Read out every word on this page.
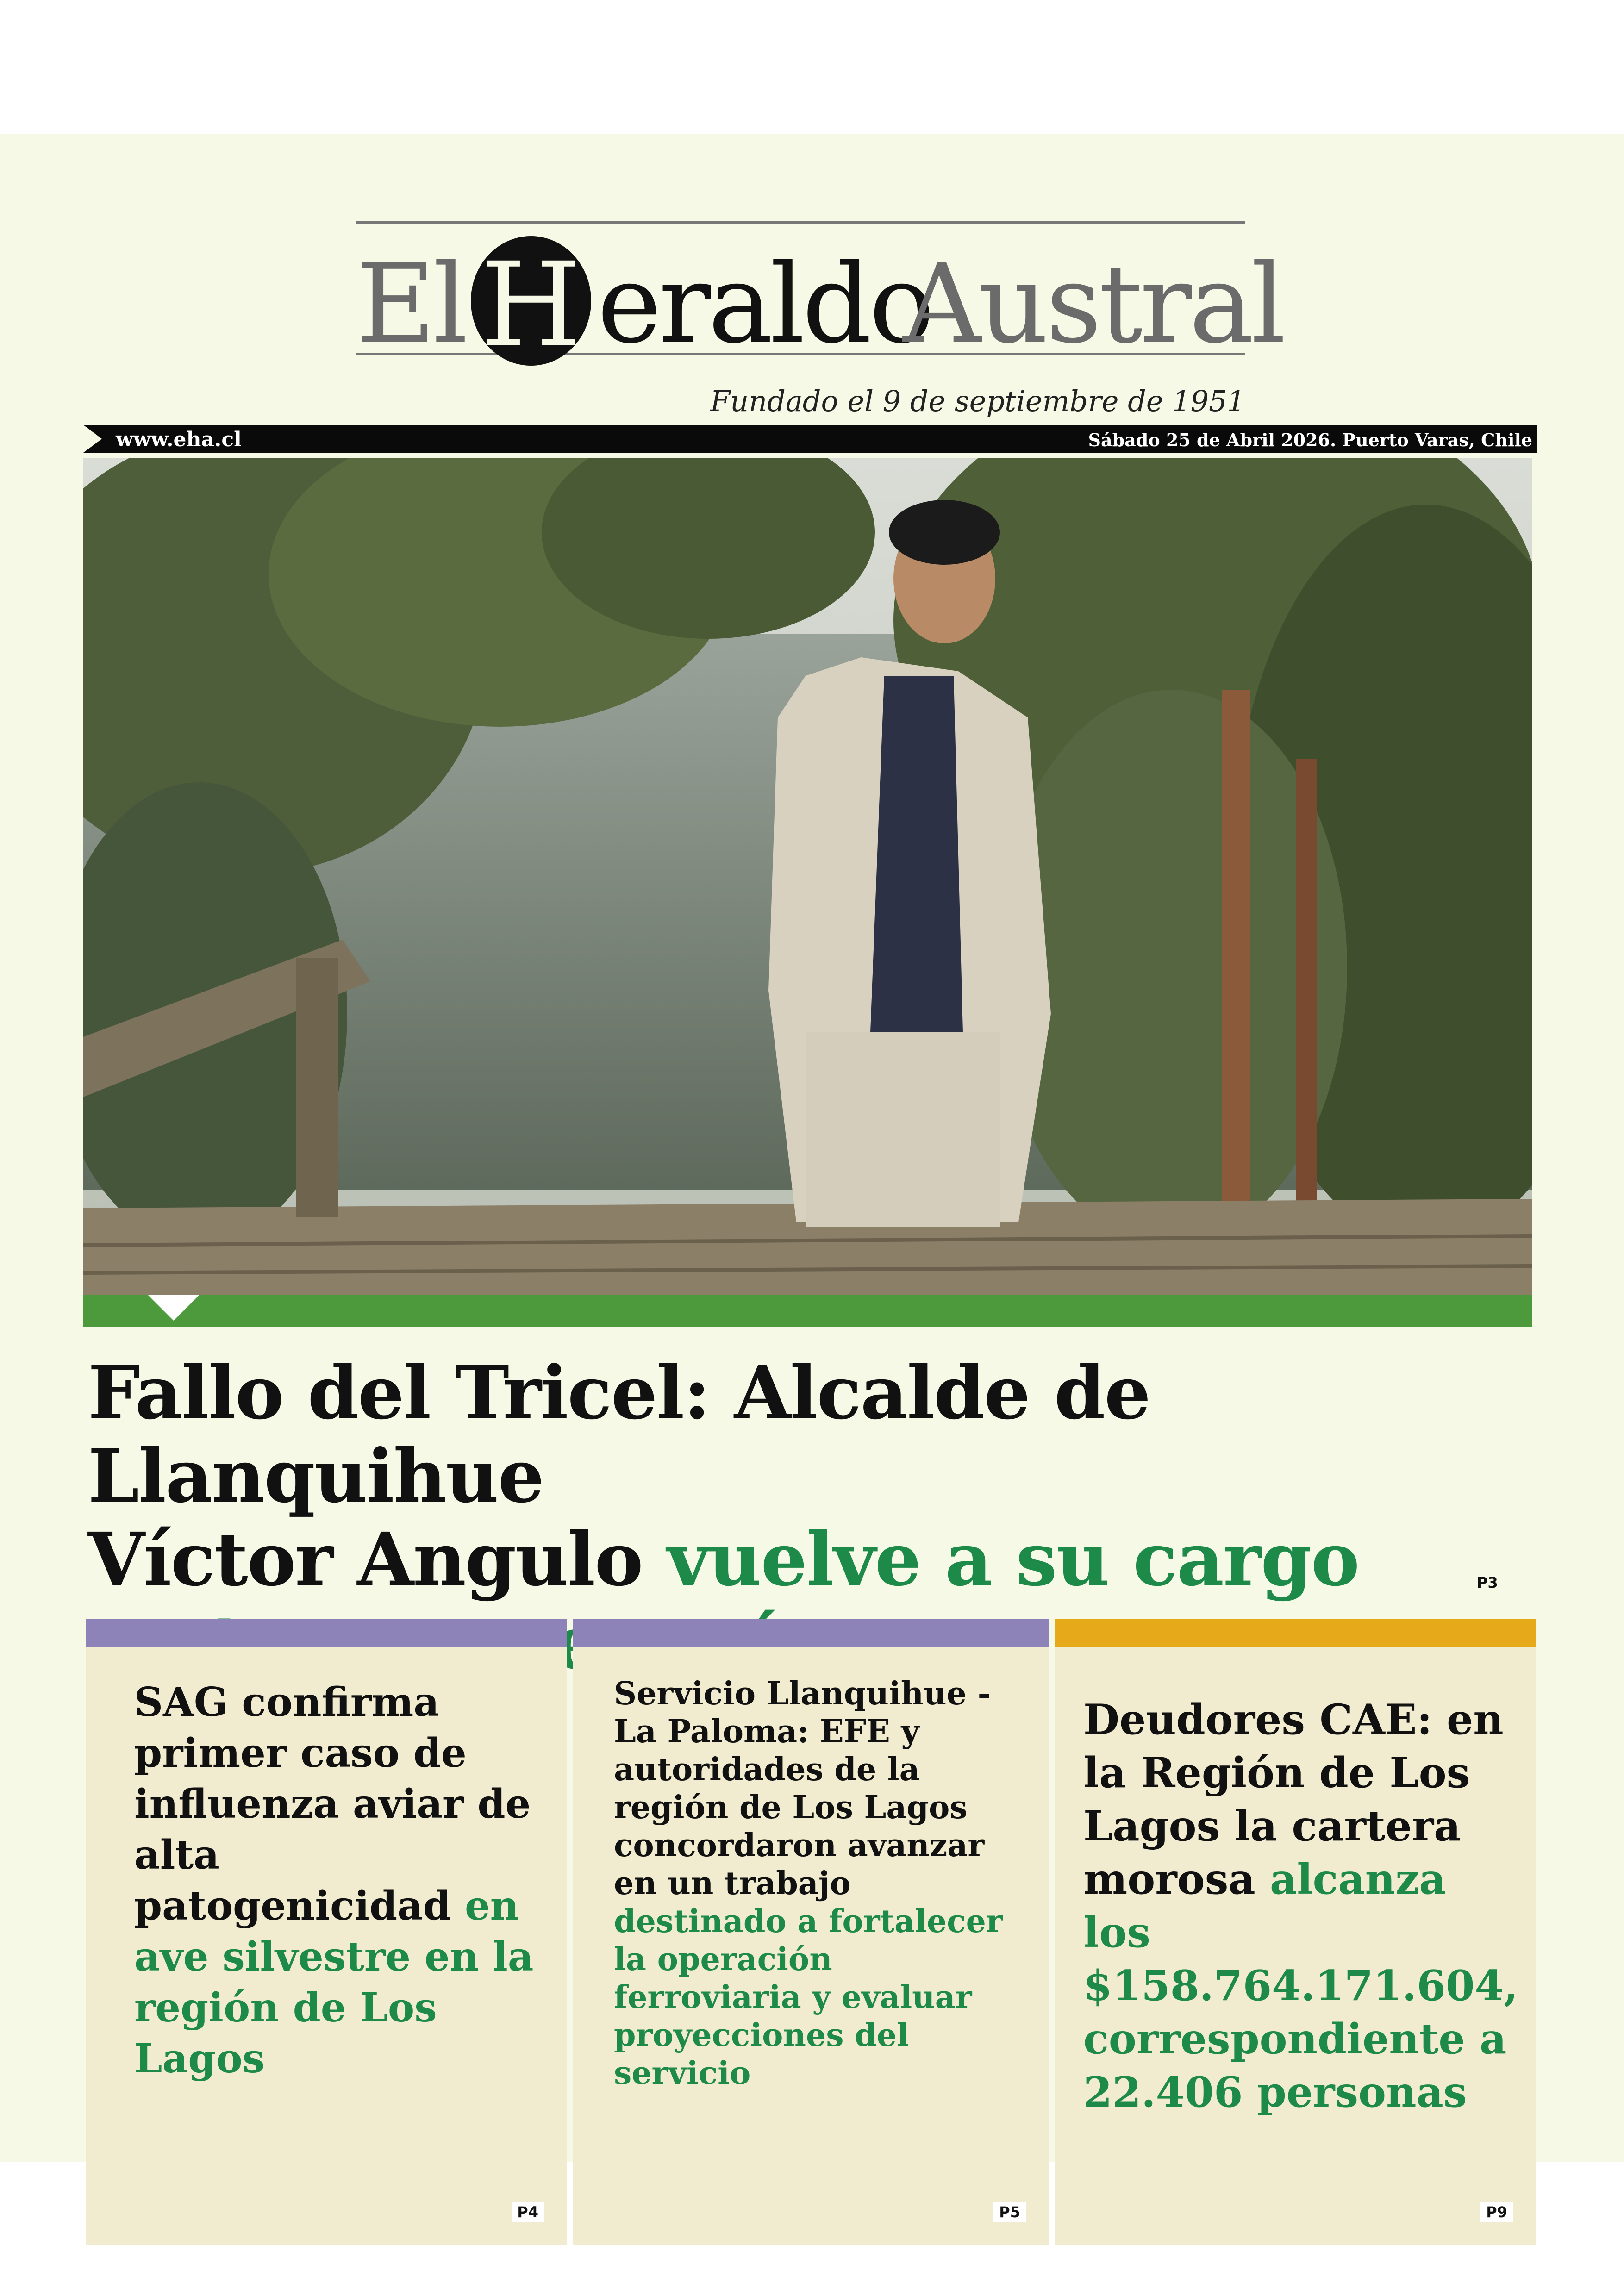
El H eraldo
Austral
Fundado el 9 de septiembre de 1951
www.eha.cl	Sábado 25 de Abril 2026. Puerto Varas, Chile
Fallo del Tricel: Alcalde de Llanquihue
Víctor Angulo vuelve a su cargo	P3
SAG confirma primer caso de influenza aviar de alta patogenicidad en ave silvestre en la región de Los Lagos
P4
Servicio Llanquihue - La Paloma: EFE y autoridades de la región de Los Lagos concordaron avanzar en un trabajo destinado a fortalecer la operación ferroviaria y evaluar proyecciones del servicio
P5
Deudores CAE: en la Región de Los Lagos la cartera morosa alcanza los $158.764.171.604, correspondiente a 22.406 personas
P9
